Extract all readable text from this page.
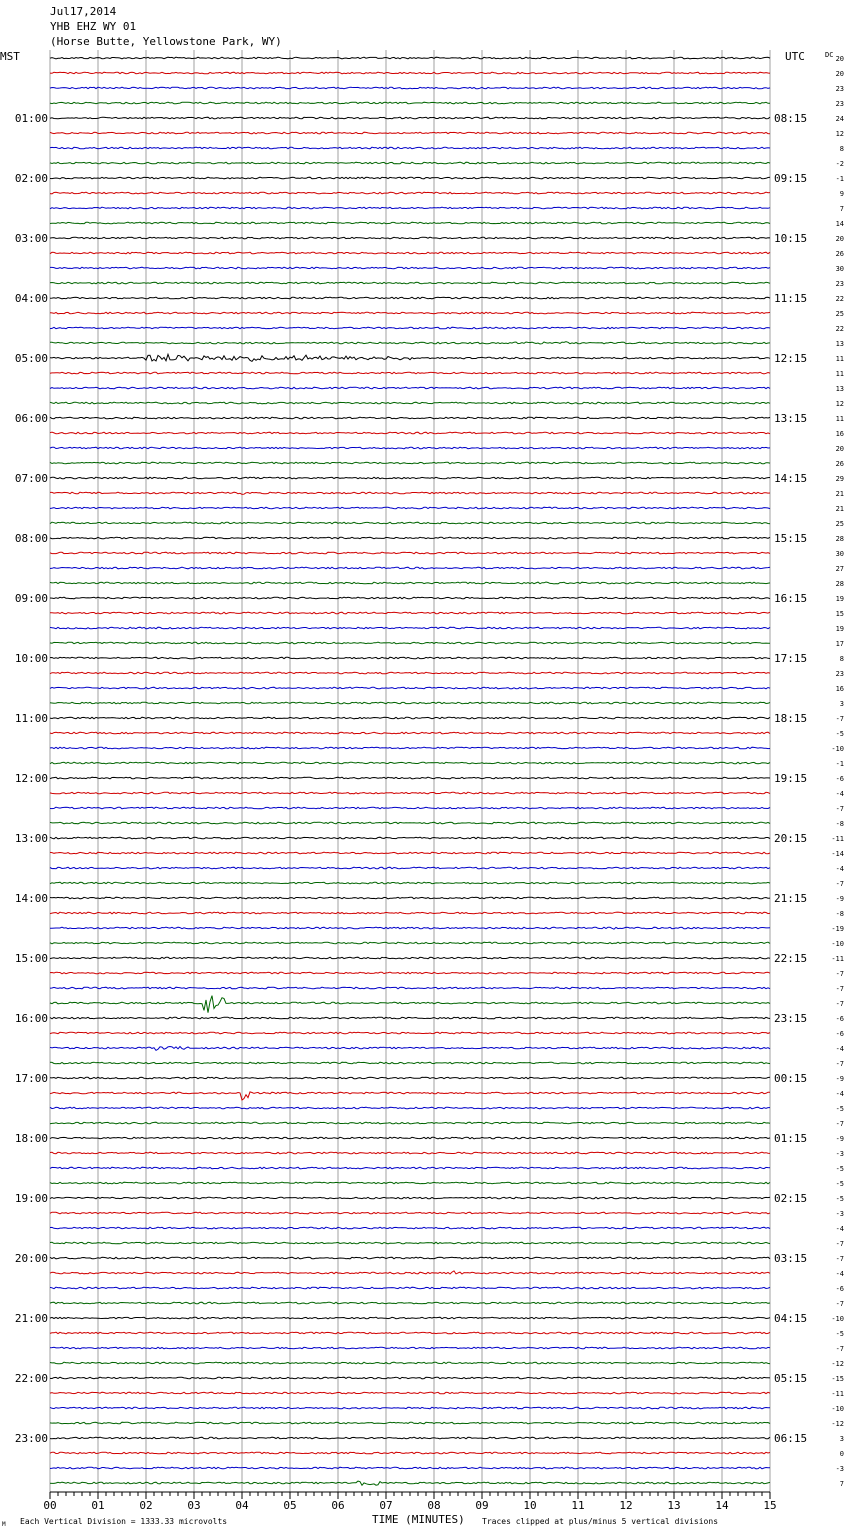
Jul17,2014
YHB EHZ WY 01
(Horse Butte, Yellowstone Park, WY)
MST	UTC	DC
TIME (MINUTES)
Each Vertical Division = 1333.33 microvolts	Traces clipped at plus/minus 5 vertical divisions
M
00	01	02	03	04	05	06	07	08	09	10	11	12	13	14	15
20
20
23
23
24
12
8
-2
-1
9
7
14
20
26
30
23
22
25
22
13
11
11
13
12
11
16
20
26
29
21
21
25
28
30
27
28
19
15
19
17
8
23
16
3
-7
-5
-10
-1
-6
-4
-7
-8
-11
-14
-4
-7
-9
-8
-19
-10
-11
-7
-7
-7
-6
-6
-4
-7
-9
-4
-5
-7
-9
-3
-5
-5
-5
-3
-4
-7
-7
-4
-6
-7
-10
-5
-7
-12
-15
-11
-10
-12
3
0
-3
7
01:00	08:15
02:00	09:15
03:00	10:15
04:00	11:15
05:00	12:15
06:00	13:15
07:00	14:15
08:00	15:15
09:00	16:15
10:00	17:15
11:00	18:15
12:00	19:15
13:00	20:15
14:00	21:15
15:00	22:15
16:00	23:15
17:00	00:15
18:00	01:15
19:00	02:15
20:00	03:15
21:00	04:15
22:00	05:15
23:00	06:15
